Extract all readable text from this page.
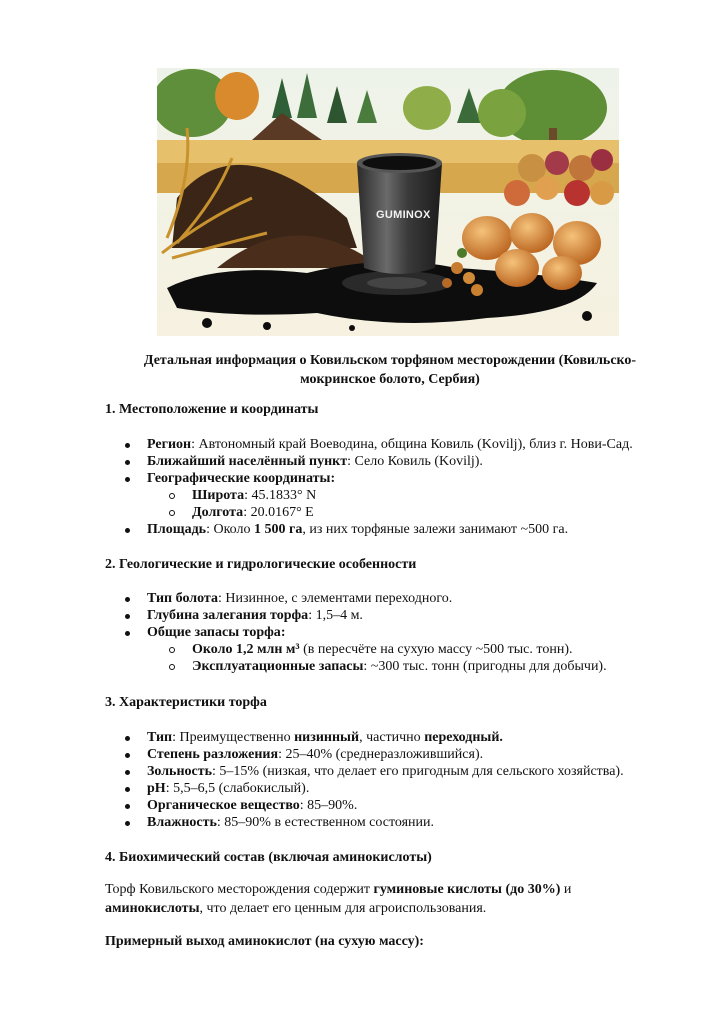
GUMINOX
Детальная информация о Ковильском торфяном месторождении (Ковильско-мокринское болото, Сербия)
1. Местоположение и координаты
Регион: Автономный край Воеводина, община Ковиль (Kovilj), близ г. Нови-Сад.
Ближайший населённый пункт: Село Ковиль (Kovilj).
Географические координаты:
Широта: 45.1833° N
Долгота: 20.0167° E
Площадь: Около 1 500 га, из них торфяные залежи занимают ~500 га.
2. Геологические и гидрологические особенности
Тип болота: Низинное, с элементами переходного.
Глубина залегания торфа: 1,5–4 м.
Общие запасы торфа:
Около 1,2 млн м³ (в пересчёте на сухую массу ~500 тыс. тонн).
Эксплуатационные запасы: ~300 тыс. тонн (пригодны для добычи).
3. Характеристики торфа
Тип: Преимущественно низинный, частично переходный.
Степень разложения: 25–40% (среднеразложившийся).
Зольность: 5–15% (низкая, что делает его пригодным для сельского хозяйства).
pH: 5,5–6,5 (слабокислый).
Органическое вещество: 85–90%.
Влажность: 85–90% в естественном состоянии.
4. Биохимический состав (включая аминокислоты)
Торф Ковильского месторождения содержит гуминовые кислоты (до 30%) и аминокислоты, что делает его ценным для агроиспользования.
Примерный выход аминокислот (на сухую массу):
